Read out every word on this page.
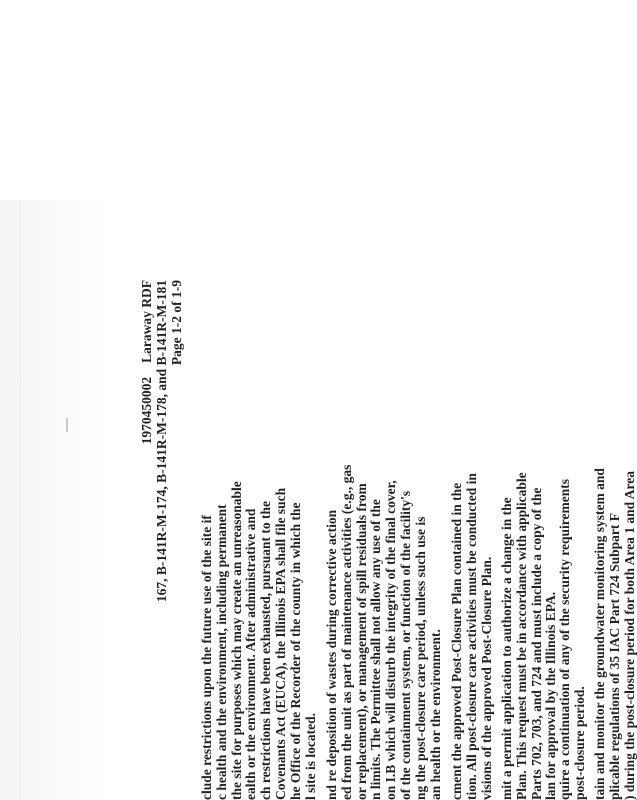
1970450002Laraway RDF 167, B-141R-M-174, B-141R-M-178, and B-141R-M-181 Page 1-2 of 1-9
clude restrictions upon the future use of the site if c health and the environment, including permanent the site for purposes which may create an unreasonable ealth or the environment. After administrative and ch restrictions have been exhausted, pursuant to the Covenants Act (EUCA), the Illinois EPA shall file such he Office of the Recorder of the county in which the l site is located. nd re deposition of wastes during corrective action ed from the unit as part of maintenance activities (e.g., gas or replacement), or management of spill residuals from n limits. The Permittee shall not allow any use of the on I.B which will disturb the integrity of the final cover, of the containment system, or function of the facility's ng the post-closure care period, unless such use is an health or the environment. cment the approved Post-Closure Plan contained in the tion. All post-closure care activities must be conducted in visions of the approved Post-Closure Plan. mit a permit application to authorize a change in the Plan. This request must be in accordance with applicable Parts 702, 703, and 724 and must include a copy of the lan for approval by the Illinois EPA.
quire a continuation of any of the security requirements post-closure period. tain and monitor the groundwater monitoring system and plicable regulations of 35 IAC Part 724 Subpart F ) during the post-closure period for both Area 1 and Area
